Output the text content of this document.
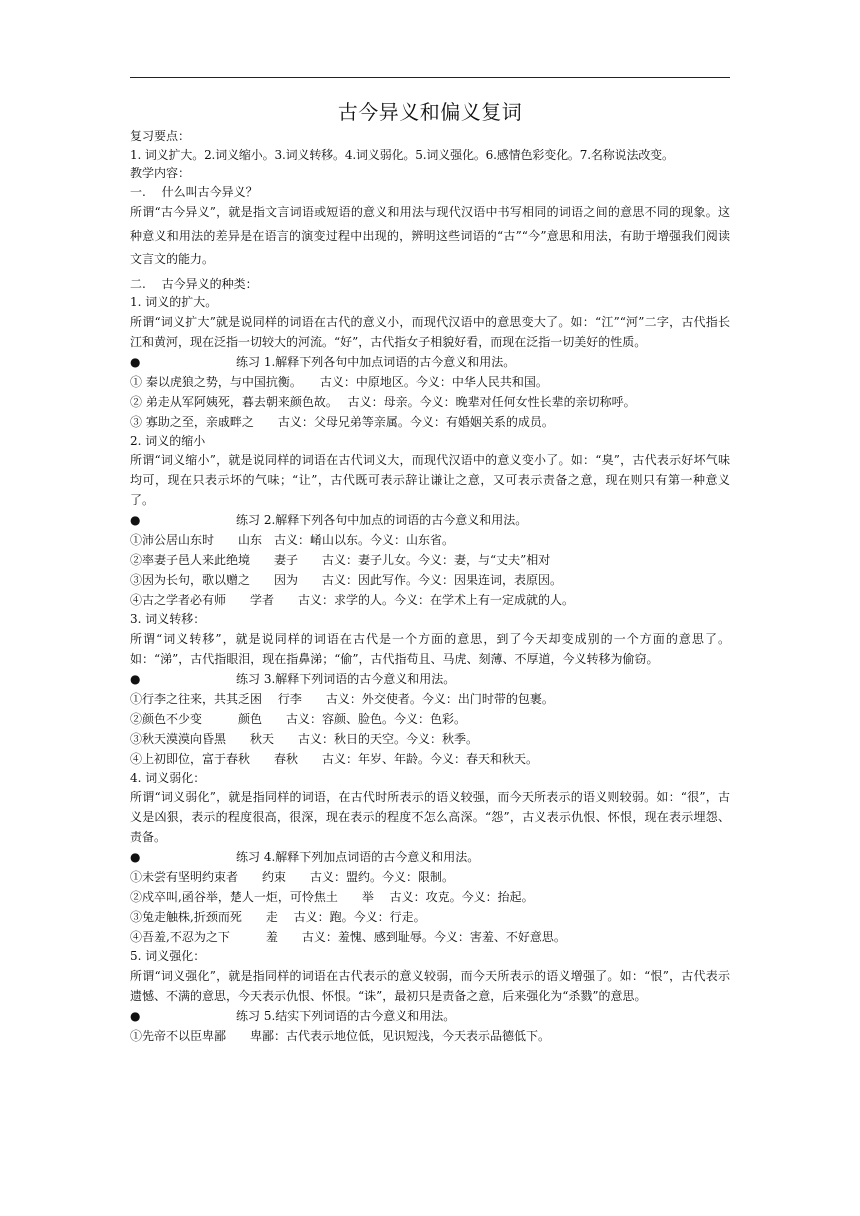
古今异义和偏义复词
复习要点：
1. 词义扩大。2.词义缩小。3.词义转移。4.词义弱化。5.词义强化。6.感情色彩变化。7.名称说法改变。
教学内容：
一.　 什么叫古今异义？

所谓“古今异义”，就是指文言词语或短语的意义和用法与现代汉语中书写相同的词语之间的意思不同的现象。这种意义和用法的差异是在语言的演变过程中出现的，辨明这些词语的“古”“今”意思和用法，有助于增强我们阅读文言文的能力。

二.　 古今异义的种类：
1. 词义的扩大。

所谓“词义扩大”就是说同样的词语在古代的意义小，而现代汉语中的意思变大了。如：“江”“河”二字，古代指长江和黄河，现在泛指一切较大的河流。“好”，古代指女子相貌好看，而现在泛指一切美好的性质。

●	练习 1.解释下列各句中加点词语的古今意义和用法。
① 秦以虎狼之势，与中国抗衡。　　古义：中原地区。今义：中华人民共和国。
② 弟走从军阿姨死，暮去朝来颜色故。　 古义：母亲。今义：晚辈对任何女性长辈的亲切称呼。
③ 寡助之至，亲戚畔之　　古义：父母兄弟等亲属。今义：有婚姻关系的成员。
2. 词义的缩小

所谓“词义缩小”，就是说同样的词语在古代词义大，而现代汉语中的意义变小了。如：“臭”，古代表示好坏气味均可，现在只表示坏的气味；“让”，古代既可表示辞让谦让之意，又可表示责备之意，现在则只有第一种意义了。

●	练习 2.解释下列各句中加点的词语的古今意义和用法。
①沛公居山东时　　山东　古义：崤山以东。今义：山东省。
②率妻子邑人来此绝境　　妻子　　古义：妻子儿女。今义：妻，与“丈夫”相对
③因为长句，歌以赠之　　因为　　古义：因此写作。今义：因果连词，表原因。
④古之学者必有师　　学者　　古义：求学的人。今义：在学术上有一定成就的人。
3. 词义转移：

所谓“词义转移”，就是说同样的词语在古代是一个方面的意思，到了今天却变成别的一个方面的意思了。如：“涕”，古代指眼泪，现在指鼻涕；“偷”，古代指苟且、马虎、刻薄、不厚道，今义转移为偷窃。

●	练习 3.解释下列词语的古今意义和用法。
①行李之往来，共其乏困　 行李　　古义：外交使者。今义：出门时带的包裹。
②颜色不少变　　　颜色　　古义：容颜、脸色。今义：色彩。
③秋天漠漠向昏黑　　秋天　　古义：秋日的天空。今义：秋季。
④上初即位，富于春秋　　春秋　　古义：年岁、年龄。今义：春天和秋天。
4. 词义弱化：

所谓“词义弱化”，就是指同样的词语，在古代时所表示的语义较强，而今天所表示的语义则较弱。如：“很”，古义是凶狠，表示的程度很高，很深，现在表示的程度不怎么高深。“怨”，古义表示仇恨、怀恨，现在表示埋怨、责备。

●	练习 4.解释下列加点词语的古今意义和用法。
①未尝有坚明约束者　　约束　　古义：盟约。今义：限制。
②戍卒叫,函谷举，楚人一炬，可怜焦土　　举　 古义：攻克。今义：抬起。
③兔走触株,折颈而死　　走　 古义：跑。今义：行走。
④吾羞,不忍为之下　　　羞　　古义：羞愧、感到耻辱。今义：害羞、不好意思。
5. 词义强化：

所谓“词义强化”，就是指同样的词语在古代表示的意义较弱，而今天所表示的语义增强了。如：“恨”，古代表示遗憾、不满的意思，今天表示仇恨、怀恨。“诛”，最初只是责备之意，后来强化为“杀戮”的意思。

●	练习 5.结实下列词语的古今意义和用法。
①先帝不以臣卑鄙　　卑鄙：古代表示地位低，见识短浅，今天表示品德低下。
